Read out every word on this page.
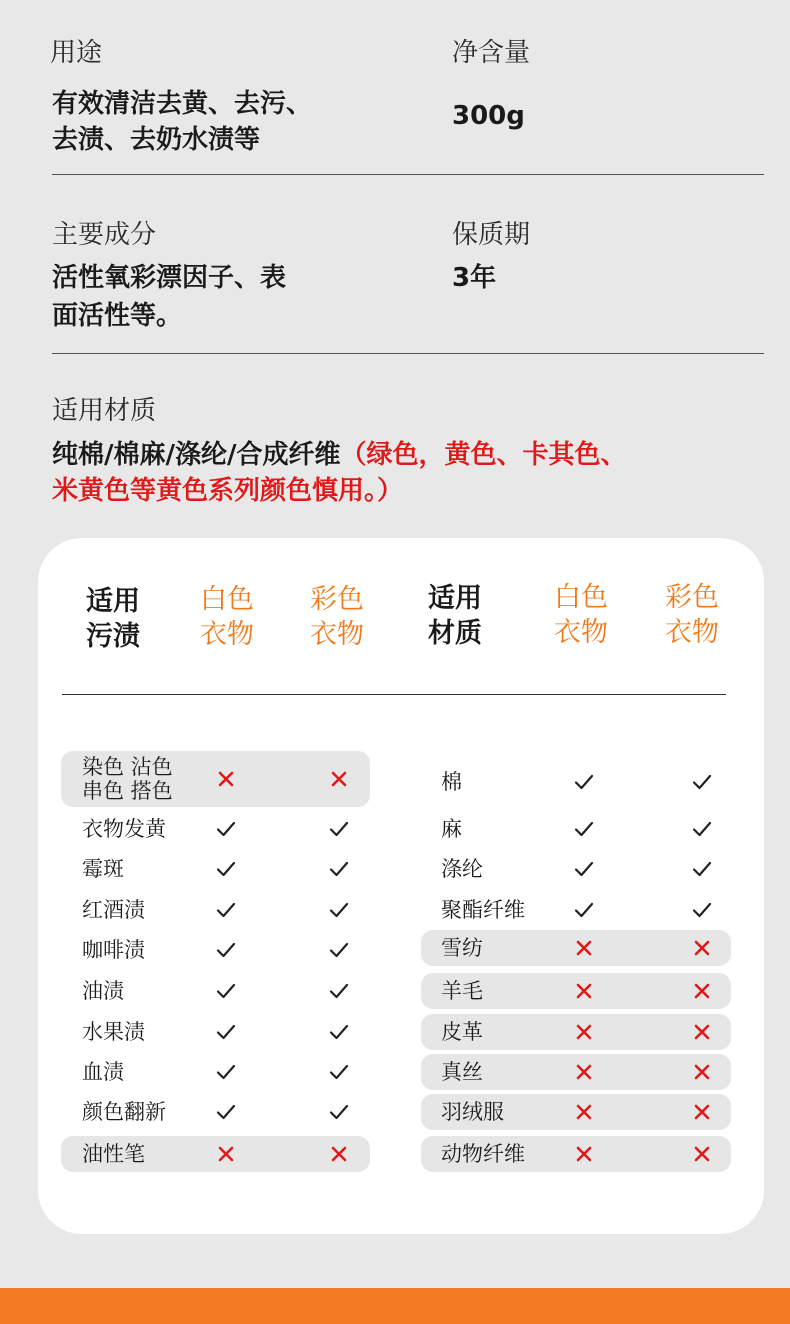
用途
有效清洁去黄、去污、
去渍、去奶水渍等
净含量
300g
主要成分
活性氧彩漂因子、表
面活性等。
保质期
3年
适用材质
纯棉/棉麻/涤纶/合成纤维（绿色，黄色、卡其色、
米黄色等黄色系列颜色慎用。）
适用
污渍
白色
衣物
彩色
衣物
适用
材质
白色
衣物
彩色
衣物
染色 沾色
串色 搭色
衣物发黄
霉斑
红酒渍
咖啡渍
油渍
水果渍
血渍
颜色翻新
油性笔
棉
麻
涤纶
聚酯纤维
雪纺
羊毛
皮革
真丝
羽绒服
动物纤维
